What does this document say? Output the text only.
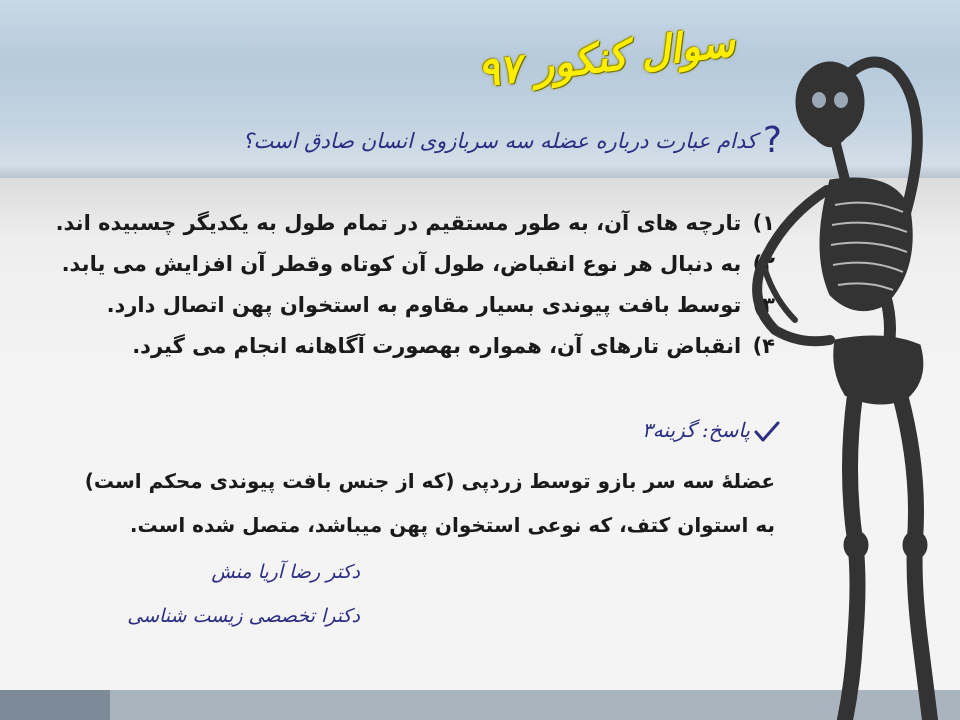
سوال کنکور ۹۷
?کدام عبارت درباره عضله سه سربازوی انسان صادق است؟
۱) تارچه های آن، به طور مستقیم در تمام طول به یکدیگر چسبیده اند.
۲) به دنبال هر نوع انقباض، طول آن کوتاه وقطر آن افزایش می یابد.
۳) توسط بافت پیوندی بسیار مقاوم به استخوان پهن اتصال دارد.
۴) انقباض تارهای آن، همواره بهصورت آگاهانه انجام می گیرد.
پاسخ: گزینه۳
عضلهٔ سه سر بازو توسط زردپی (که از جنس بافت پیوندی محکم است)
به استوان کتف، که نوعی استخوان پهن میباشد، متصل شده است.
دکتر رضا آریا منش
دکترا تخصصی زیست شناسی
